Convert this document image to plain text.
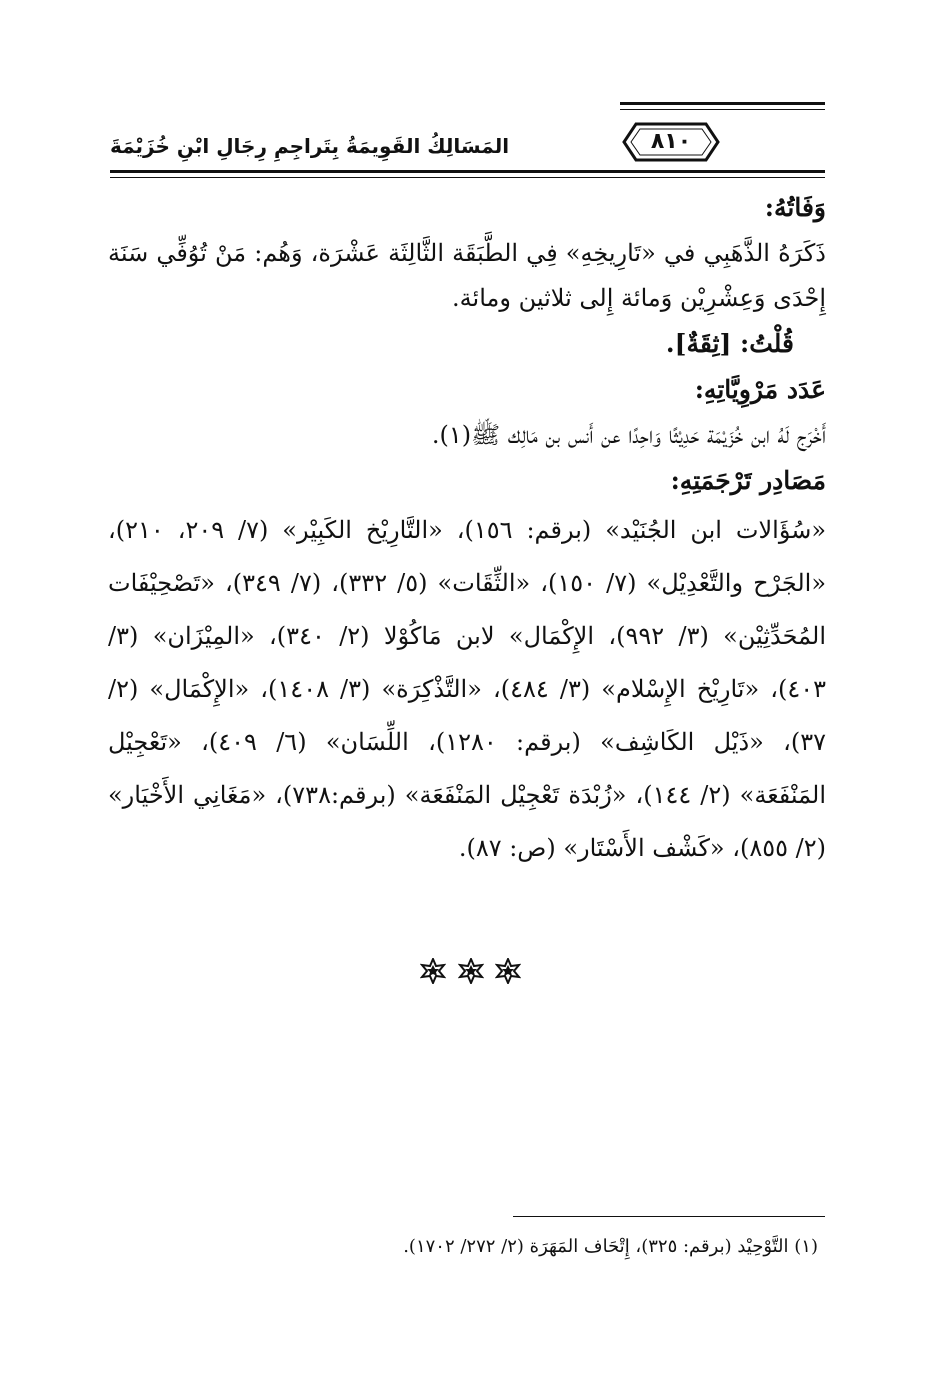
٨١٠
المَسَالِكُ القَوِيمَةُ بِتَراجِمِ رِجَالِ ابْنِ خُزَيْمَةَ

وَفَاتُهُ:

ذَكَرَهُ الذَّهَبِي في «تَارِيخِهِ» فِي الطَّبَقَة الثَّالِثَة عَشْرَة، وَهُم: مَنْ تُوُفِّي سَنَة إِحْدَى وَعِشْرِيْن وَمائة إِلى ثلاثين ومائة.

قُلْتُ: [ثِقَةٌ].

عَدَد مَرْوِيَّاتِهِ:

أَخْرَج لَهُ ابن خُزَيْمَة حَدِيْثًا وَاحِدًا عن أَنس بن مَالِك ﷺ(١).

مَصَادِر تَرْجَمَتِهِ:

«سُؤَالات ابن الجُنَيْد» (برقم: ١٥٦)، «التَّارِيْخ الكَبِيْر» (٧/ ٢٠٩، ٢١٠)، «الجَرْح والتَّعْدِيْل» (٧/ ١٥٠)، «الثِّقَات» (٥/ ٣٣٢)، (٧/ ٣٤٩)، «تَصْحِيْفَات المُحَدِّثِيْن» (٣/ ٩٩٢)، الإِكْمَال» لابن مَاكُوْلا (٢/ ٣٤٠)، «المِيْزَان» (٣/ ٤٠٣)، «تَارِيْخ الإِسْلام» (٣/ ٤٨٤)، «التَّذْكِرَة» (٣/ ١٤٠٨)، «الإِكْمَال» (٢/ ٣٧)، «ذَيْل الكَاشِف» (برقم: ١٢٨٠)، اللِّسَان» (٦/ ٤٠٩)، «تَعْجِيْل المَنْفَعَة» (٢/ ١٤٤)، «زُبْدَة تَعْجِيْل المَنْفَعَة» (برقم:٧٣٨)، «مَغَانِي الأَخْيَار» (٢/ ٨٥٥)، «كَشْف الأَسْتَار» (ص: ٨٧).

(١) التَّوْحِيْد (برقم: ٣٢٥)، إِتْحَاف المَهَرَة (٢/ ٢٧٢/ ١٧٠٢).
